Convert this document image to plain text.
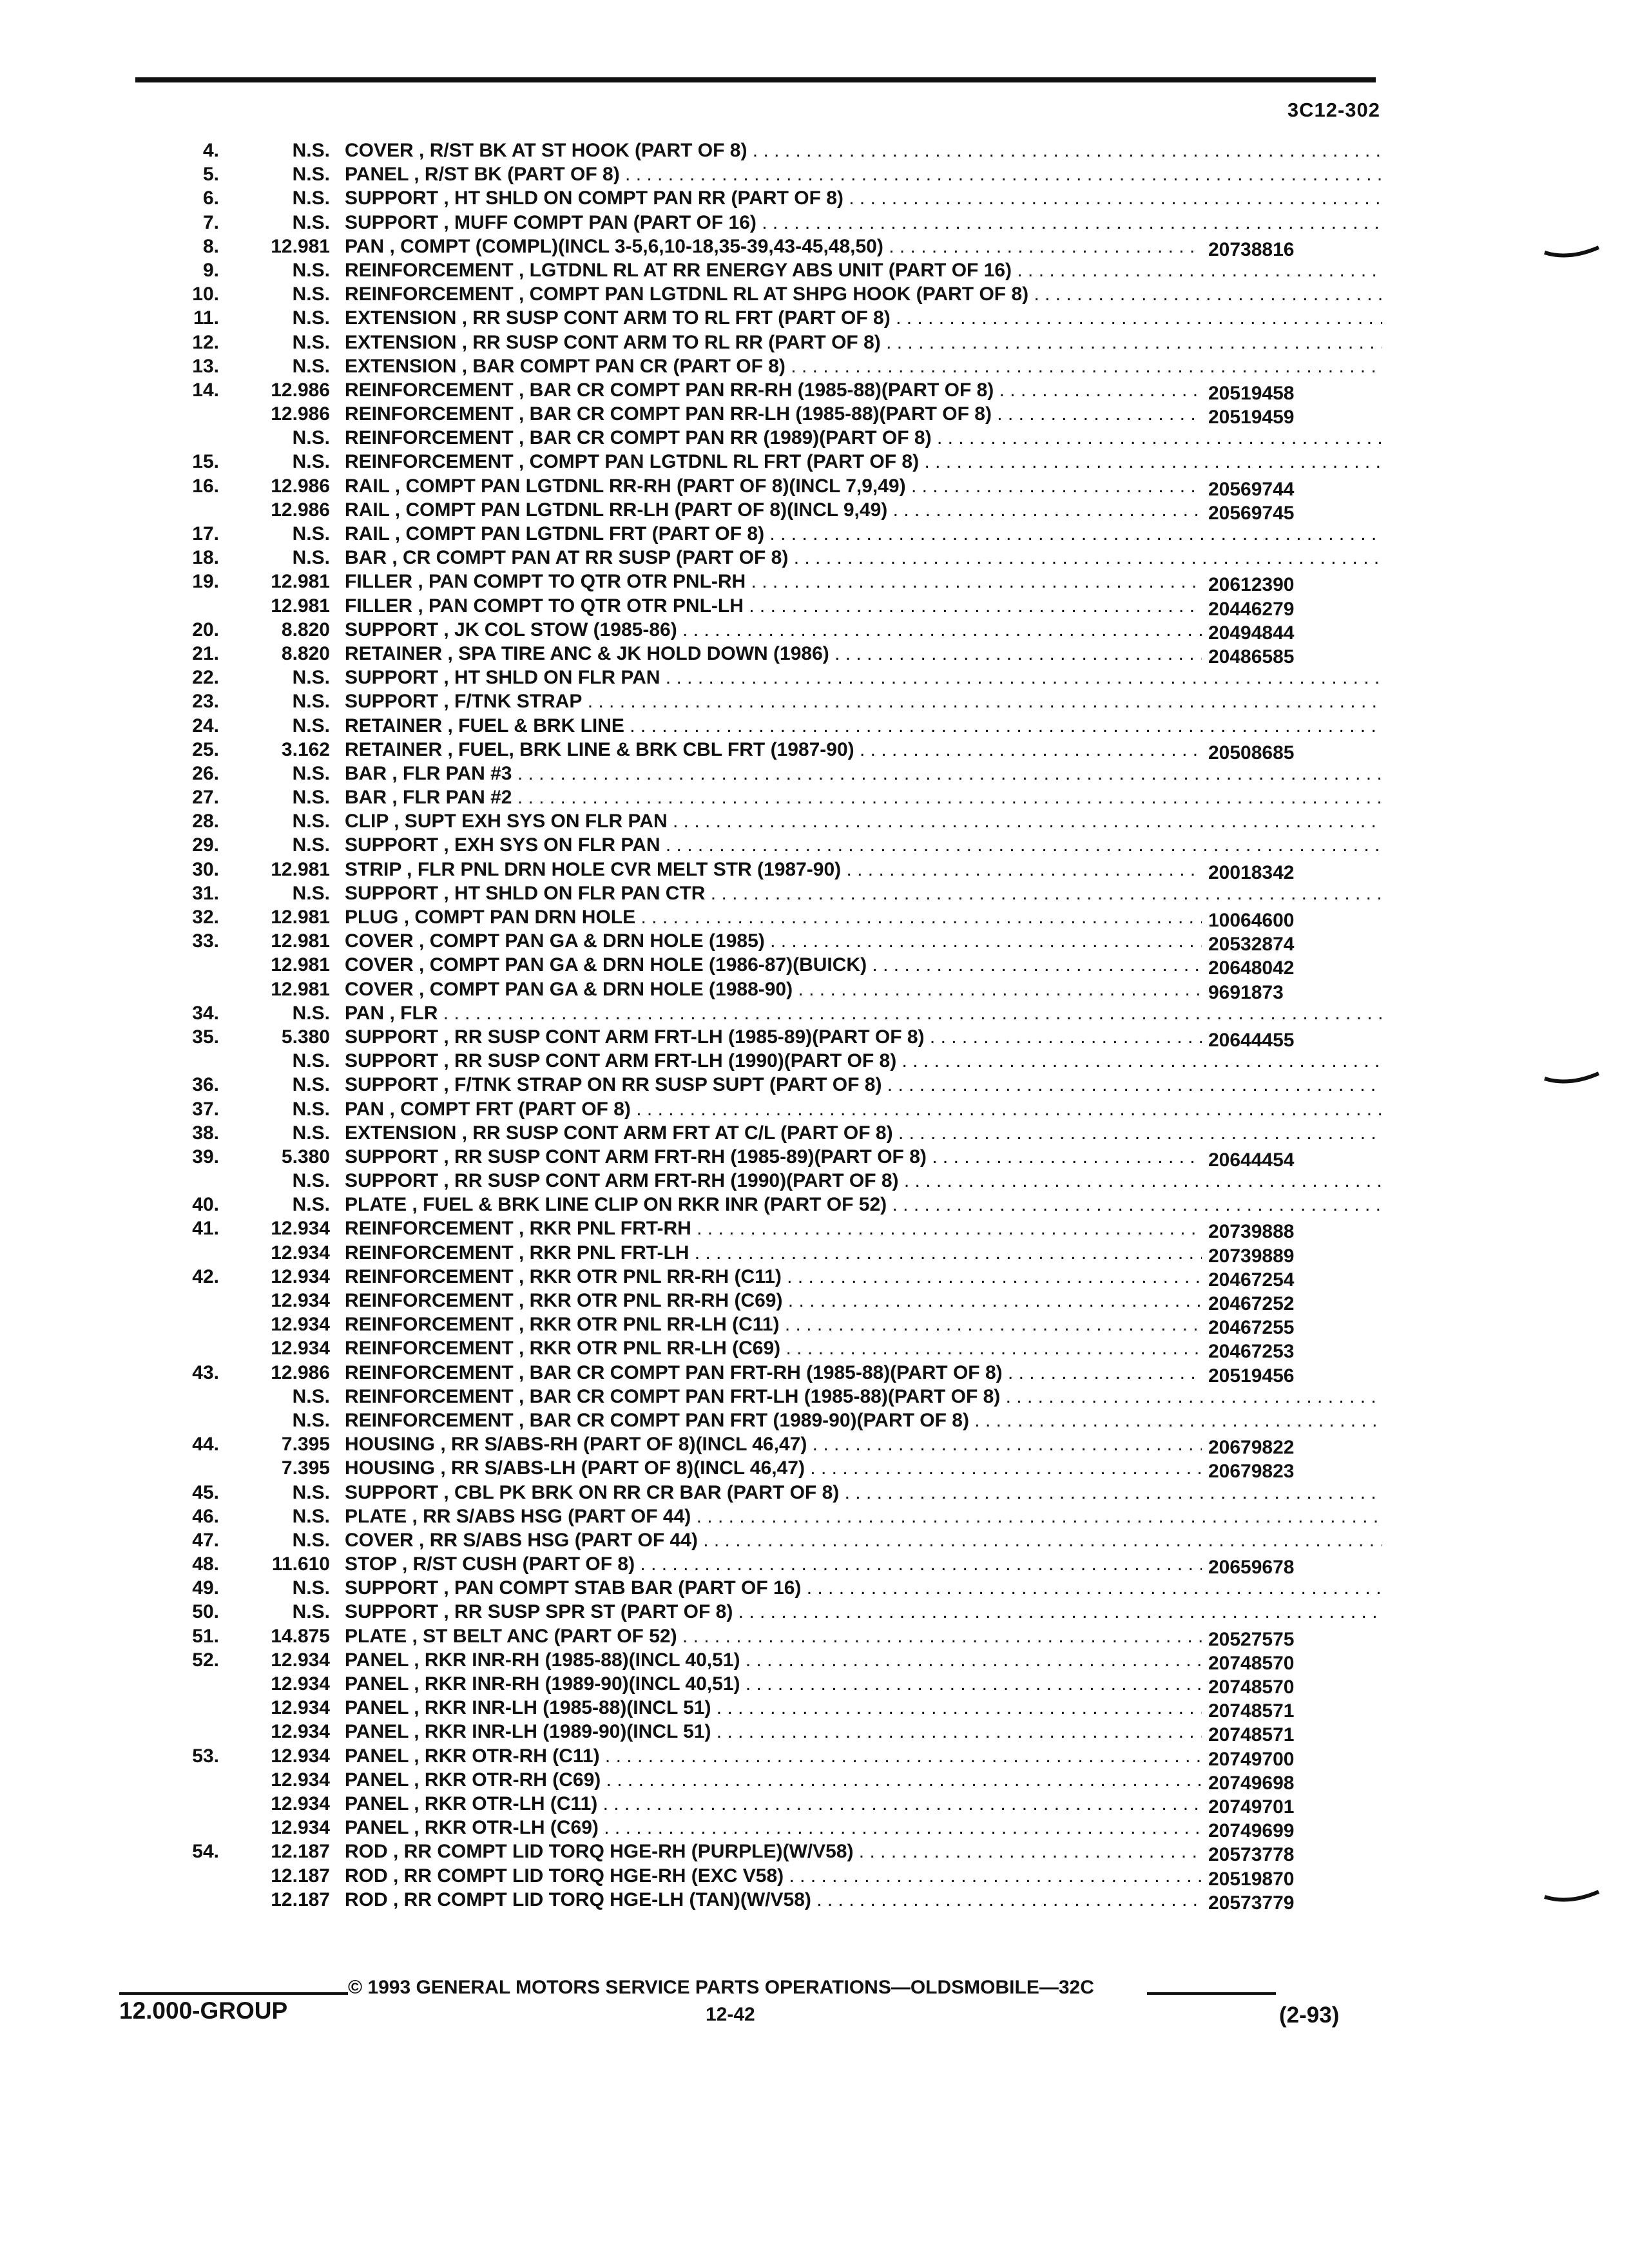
3C12-302
4.	N.S. COVER , R/ST BK AT ST HOOK (PART OF 8) . . .
5.	N.S. PANEL , R/ST BK (PART OF 8) . . .
6.	N.S. SUPPORT , HT SHLD ON COMPT PAN RR (PART OF 8) . . .
7.	N.S. SUPPORT , MUFF COMPT PAN (PART OF 16) . . .
8.	12.981 PAN , COMPT (COMPL)(INCL 3-5,6,10-18,35-39,43-45,48,50) . . .	20738816
9.	N.S. REINFORCEMENT , LGTDNL RL AT RR ENERGY ABS UNIT (PART OF 16) . . .
10.	N.S. REINFORCEMENT , COMPT PAN LGTDNL RL AT SHPG HOOK (PART OF 8) . . .
11.	N.S. EXTENSION , RR SUSP CONT ARM TO RL FRT (PART OF 8) . . .
12.	N.S. EXTENSION , RR SUSP CONT ARM TO RL RR (PART OF 8) . . .
13.	N.S. EXTENSION , BAR COMPT PAN CR (PART OF 8) . . .
14.	12.986 REINFORCEMENT , BAR CR COMPT PAN RR-RH (1985-88)(PART OF 8) . . .	20519458
12.986 REINFORCEMENT , BAR CR COMPT PAN RR-LH (1985-88)(PART OF 8) . . .	20519459
N.S. REINFORCEMENT , BAR CR COMPT PAN RR (1989)(PART OF 8) . . .
15.	N.S. REINFORCEMENT , COMPT PAN LGTDNL RL FRT (PART OF 8) . . .
16.	12.986 RAIL , COMPT PAN LGTDNL RR-RH (PART OF 8)(INCL 7,9,49) . . .	20569744
12.986 RAIL , COMPT PAN LGTDNL RR-LH (PART OF 8)(INCL 9,49) . . .	20569745
17.	N.S. RAIL , COMPT PAN LGTDNL FRT (PART OF 8) . . .
18.	N.S. BAR , CR COMPT PAN AT RR SUSP (PART OF 8) . . .
19.	12.981 FILLER , PAN COMPT TO QTR OTR PNL-RH . . .	20612390
12.981 FILLER , PAN COMPT TO QTR OTR PNL-LH . . .	20446279
20.	8.820 SUPPORT , JK COL STOW (1985-86) . . .	20494844
21.	8.820 RETAINER , SPA TIRE ANC & JK HOLD DOWN (1986) . . .	20486585
22.	N.S. SUPPORT , HT SHLD ON FLR PAN . . .
23.	N.S. SUPPORT , F/TNK STRAP . . .
24.	N.S. RETAINER , FUEL & BRK LINE . . .
25.	3.162 RETAINER , FUEL, BRK LINE & BRK CBL FRT (1987-90) . . .	20508685
26.	N.S. BAR , FLR PAN #3 . . .
27.	N.S. BAR , FLR PAN #2 . . .
28.	N.S. CLIP , SUPT EXH SYS ON FLR PAN . . .
29.	N.S. SUPPORT , EXH SYS ON FLR PAN . . .
30.	12.981 STRIP , FLR PNL DRN HOLE CVR MELT STR (1987-90) . . .	20018342
31.	N.S. SUPPORT , HT SHLD ON FLR PAN CTR . . .
32.	12.981 PLUG , COMPT PAN DRN HOLE . . .	10064600
33.	12.981 COVER , COMPT PAN GA & DRN HOLE (1985) . . .	20532874
12.981 COVER , COMPT PAN GA & DRN HOLE (1986-87)(BUICK) . . .	20648042
12.981 COVER , COMPT PAN GA & DRN HOLE (1988-90) . . .	9691873
34.	N.S. PAN , FLR . . .
35.	5.380 SUPPORT , RR SUSP CONT ARM FRT-LH (1985-89)(PART OF 8) . . .	20644455
N.S. SUPPORT , RR SUSP CONT ARM FRT-LH (1990)(PART OF 8) . . .
36.	N.S. SUPPORT , F/TNK STRAP ON RR SUSP SUPT (PART OF 8) . . .
37.	N.S. PAN , COMPT FRT (PART OF 8) . . .
38.	N.S. EXTENSION , RR SUSP CONT ARM FRT AT C/L (PART OF 8) . . .
39.	5.380 SUPPORT , RR SUSP CONT ARM FRT-RH (1985-89)(PART OF 8) . . .	20644454
N.S. SUPPORT , RR SUSP CONT ARM FRT-RH (1990)(PART OF 8) . . .
40.	N.S. PLATE , FUEL & BRK LINE CLIP ON RKR INR (PART OF 52) . . .
41.	12.934 REINFORCEMENT , RKR PNL FRT-RH . . .	20739888
12.934 REINFORCEMENT , RKR PNL FRT-LH . . .	20739889
42.	12.934 REINFORCEMENT , RKR OTR PNL RR-RH (C11) . . .	20467254
12.934 REINFORCEMENT , RKR OTR PNL RR-RH (C69) . . .	20467252
12.934 REINFORCEMENT , RKR OTR PNL RR-LH (C11) . . .	20467255
12.934 REINFORCEMENT , RKR OTR PNL RR-LH (C69) . . .	20467253
43.	12.986 REINFORCEMENT , BAR CR COMPT PAN FRT-RH (1985-88)(PART OF 8) . . .	20519456
N.S. REINFORCEMENT , BAR CR COMPT PAN FRT-LH (1985-88)(PART OF 8) . . .
N.S. REINFORCEMENT , BAR CR COMPT PAN FRT (1989-90)(PART OF 8) . . .
44.	7.395 HOUSING , RR S/ABS-RH (PART OF 8)(INCL 46,47) . . .	20679822
7.395 HOUSING , RR S/ABS-LH (PART OF 8)(INCL 46,47) . . .	20679823
45.	N.S. SUPPORT , CBL PK BRK ON RR CR BAR (PART OF 8) . . .
46.	N.S. PLATE , RR S/ABS HSG (PART OF 44) . . .
47.	N.S. COVER , RR S/ABS HSG (PART OF 44) . . .
48.	11.610 STOP , R/ST CUSH (PART OF 8) . . .	20659678
49.	N.S. SUPPORT , PAN COMPT STAB BAR (PART OF 16) . . .
50.	N.S. SUPPORT , RR SUSP SPR ST (PART OF 8) . . .
51.	14.875 PLATE , ST BELT ANC (PART OF 52) . . .	20527575
52.	12.934 PANEL , RKR INR-RH (1985-88)(INCL 40,51) . . .	20748570
12.934 PANEL , RKR INR-RH (1989-90)(INCL 40,51) . . .	20748570
12.934 PANEL , RKR INR-LH (1985-88)(INCL 51) . . .	20748571
12.934 PANEL , RKR INR-LH (1989-90)(INCL 51) . . .	20748571
53.	12.934 PANEL , RKR OTR-RH (C11) . . .	20749700
12.934 PANEL , RKR OTR-RH (C69) . . .	20749698
12.934 PANEL , RKR OTR-LH (C11) . . .	20749701
12.934 PANEL , RKR OTR-LH (C69) . . .	20749699
54.	12.187 ROD , RR COMPT LID TORQ HGE-RH (PURPLE)(W/V58) . . .	20573778
12.187 ROD , RR COMPT LID TORQ HGE-RH (EXC V58) . . .	20519870
12.187 ROD , RR COMPT LID TORQ HGE-LH (TAN)(W/V58) . . .	20573779
12.000-GROUP
© 1993 GENERAL MOTORS SERVICE PARTS OPERATIONS—OLDSMOBILE—32C
12-42	(2-93)
